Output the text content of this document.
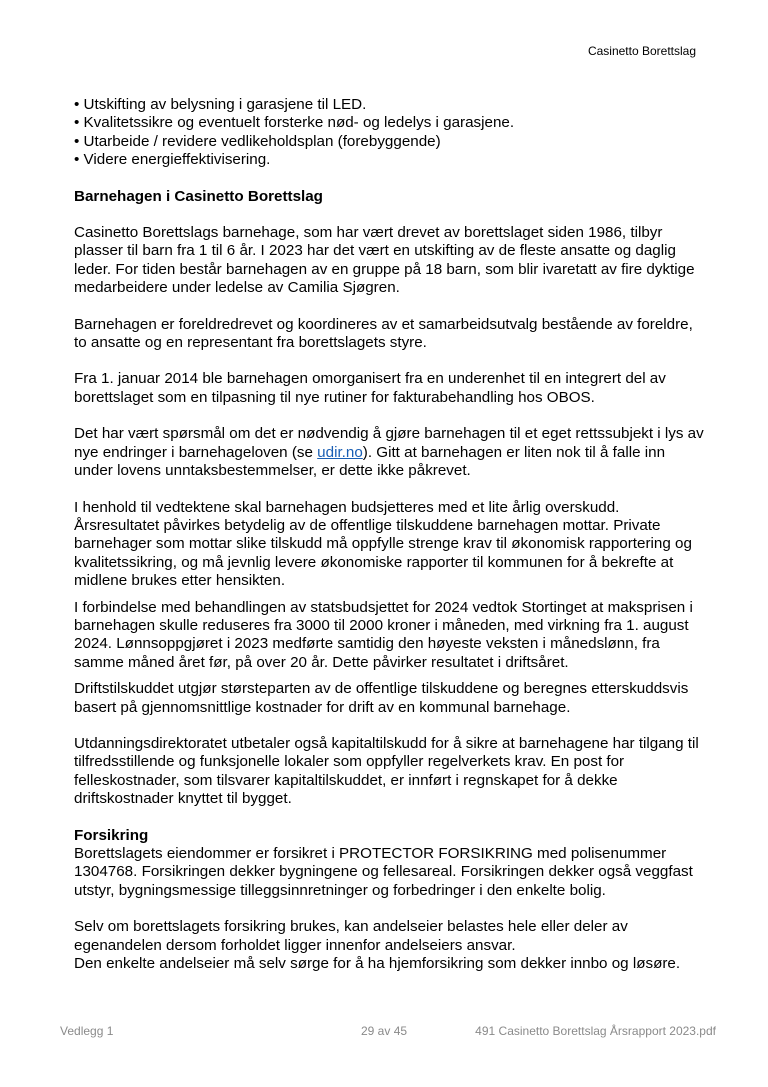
Casinetto Borettslag
• Utskifting av belysning i garasjene til LED.
• Kvalitetssikre og eventuelt forsterke nød- og ledelys i garasjene.
• Utarbeide / revidere vedlikeholdsplan (forebyggende)
• Videre energieffektivisering.

Barnehagen i Casinetto Borettslag

Casinetto Borettslags barnehage, som har vært drevet av borettslaget siden 1986, tilbyr plasser til barn fra 1 til 6 år. I 2023 har det vært en utskifting av de fleste ansatte og daglig leder. For tiden består barnehagen av en gruppe på 18 barn, som blir ivaretatt av fire dyktige medarbeidere under ledelse av Camilia Sjøgren.

Barnehagen er foreldredrevet og koordineres av et samarbeidsutvalg bestående av foreldre, to ansatte og en representant fra borettslagets styre.

Fra 1. januar 2014 ble barnehagen omorganisert fra en underenhet til en integrert del av borettslaget som en tilpasning til nye rutiner for fakturabehandling hos OBOS.

Det har vært spørsmål om det er nødvendig å gjøre barnehagen til et eget rettssubjekt i lys av nye endringer i barnehageloven (se udir.no). Gitt at barnehagen er liten nok til å falle inn under lovens unntaksbestemmelser, er dette ikke påkrevet.

I henhold til vedtektene skal barnehagen budsjetteres med et lite årlig overskudd. Årsresultatet påvirkes betydelig av de offentlige tilskuddene barnehagen mottar. Private barnehager som mottar slike tilskudd må oppfylle strenge krav til økonomisk rapportering og kvalitetssikring, og må jevnlig levere økonomiske rapporter til kommunen for å bekrefte at midlene brukes etter hensikten.

I forbindelse med behandlingen av statsbudsjettet for 2024 vedtok Stortinget at maksprisen i barnehagen skulle reduseres fra 3000 til 2000 kroner i måneden, med virkning fra 1. august 2024. Lønnsoppgjøret i 2023 medførte samtidig den høyeste veksten i månedslønn, fra samme måned året før, på over 20 år. Dette påvirker resultatet i driftsåret.

Driftstilskuddet utgjør størsteparten av de offentlige tilskuddene og beregnes etterskuddsvis basert på gjennomsnittlige kostnader for drift av en kommunal barnehage.

Utdanningsdirektoratet utbetaler også kapitaltilskudd for å sikre at barnehagene har tilgang til tilfredsstillende og funksjonelle lokaler som oppfyller regelverkets krav. En post for felleskostnader, som tilsvarer kapitaltilskuddet, er innført i regnskapet for å dekke driftskostnader knyttet til bygget.

Forsikring

Borettslagets eiendommer er forsikret i PROTECTOR FORSIKRING med polisenummer 1304768. Forsikringen dekker bygningene og fellesareal. Forsikringen dekker også veggfast utstyr, bygningsmessige tilleggsinnretninger og forbedringer i den enkelte bolig.

Selv om borettslagets forsikring brukes, kan andelseier belastes hele eller deler av egenandelen dersom forholdet ligger innenfor andelseiers ansvar.

Den enkelte andelseier må selv sørge for å ha hjemforsikring som dekker innbo og løsøre.

Vedlegg 1	29 av 45	491 Casinetto Borettslag Årsrapport 2023.pdf
